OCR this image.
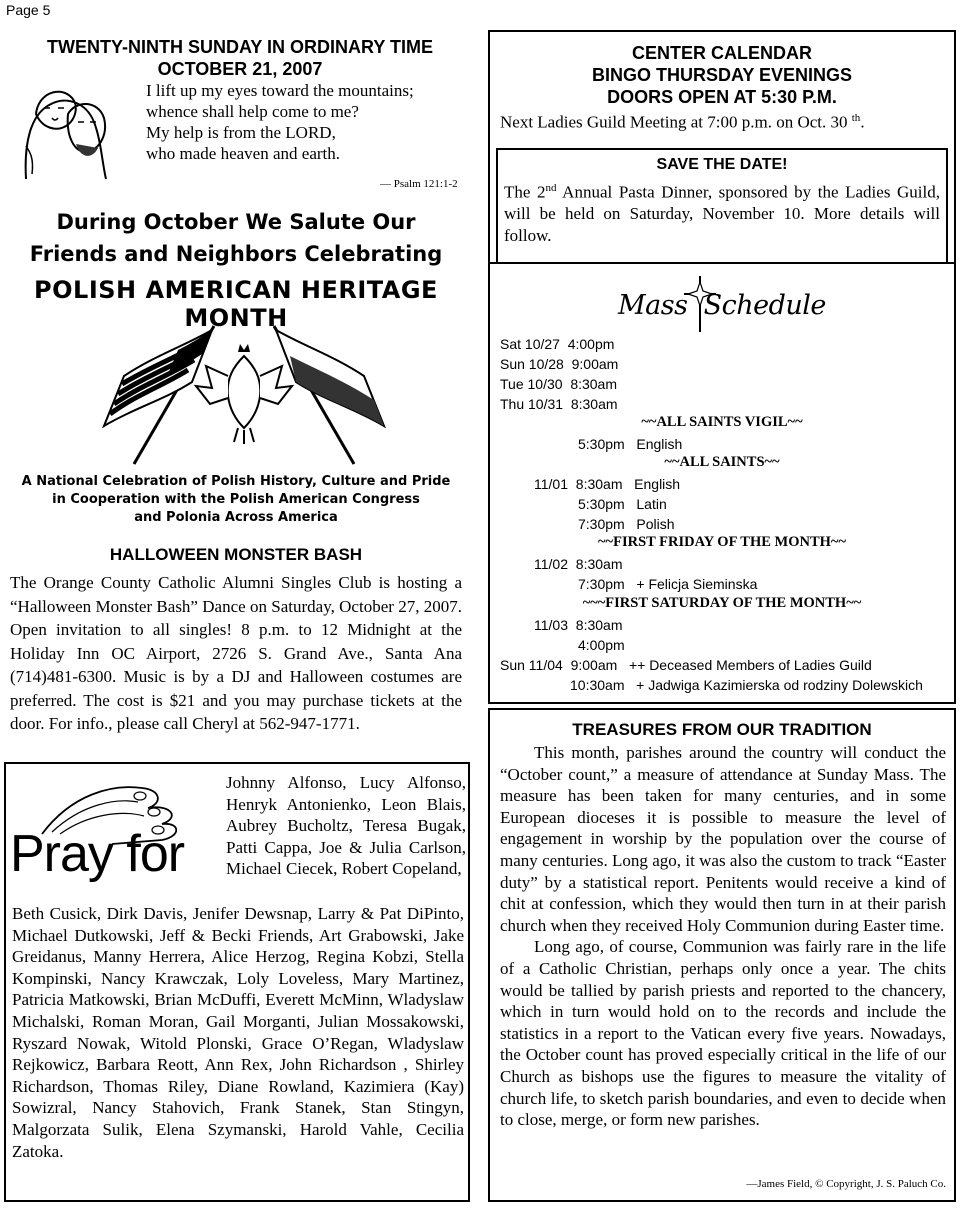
Page 5
TWENTY-NINTH SUNDAY IN ORDINARY TIME
OCTOBER 21, 2007
I lift up my eyes toward the mountains;
whence shall help come to me?
My help is from the LORD,
who made heaven and earth.
— Psalm 121:1-2
During October We Salute Our
Friends and Neighbors Celebrating
POLISH AMERICAN HERITAGE MONTH
A National Celebration of Polish History, Culture and Pride
in Cooperation with the Polish American Congress
and Polonia Across America
HALLOWEEN MONSTER BASH
The Orange County Catholic Alumni Singles Club is hosting a “Halloween Monster Bash” Dance on Saturday, October 27, 2007. Open invitation to all singles! 8 p.m. to 12 Midnight at the Holiday Inn OC Airport, 2726 S. Grand Ave., Santa Ana (714)481-6300. Music is by a DJ and Halloween costumes are preferred. The cost is $21 and you may purchase tickets at the door. For info., please call Cheryl at 562-947-1771.
Pray for
Johnny Alfonso, Lucy Alfonso, Henryk Antonienko, Leon Blais, Aubrey Bucholtz, Teresa Bugak, Patti Cappa, Joe & Julia Carlson, Michael Ciecek, Robert Copeland,
Beth Cusick, Dirk Davis, Jenifer Dewsnap, Larry & Pat DiPinto, Michael Dutkowski, Jeff & Becki Friends, Art Grabowski, Jake Greidanus, Manny Herrera, Alice Herzog, Regina Kobzi, Stella Kompinski, Nancy Krawczak, Loly Loveless, Mary Martinez, Patricia Matkowski, Brian McDuffi, Everett McMinn, Wladyslaw Michalski, Roman Moran, Gail Morganti, Julian Mossakowski, Ryszard Nowak, Witold Plonski, Grace O’Regan, Wladyslaw Rejkowicz, Barbara Reott, Ann Rex, John Richardson , Shirley Richardson, Thomas Riley, Diane Rowland, Kazimiera (Kay) Sowizral, Nancy Stahovich, Frank Stanek, Stan Stingyn, Malgorzata Sulik, Elena Szymanski, Harold Vahle, Cecilia Zatoka.
CENTER CALENDAR
BINGO THURSDAY EVENINGS
DOORS OPEN AT 5:30 P.M.
Next Ladies Guild Meeting at 7:00 p.m. on Oct. 30 $^{th}$.
SAVE THE DATE!
The 2nd Annual Pasta Dinner, sponsored by the Ladies Guild, will be held on Saturday, November 10. More details will follow.
Mass Schedule
Sat 10/27 4:00pm
Sun 10/28 9:00am
Tue 10/30 8:30am
Thu 10/31 8:30am
~~ALL SAINTS VIGIL~~
5:30pm English
~~ALL SAINTS~~
11/01 8:30am English
5:30pm Latin
7:30pm Polish
~~FIRST FRIDAY OF THE MONTH~~
11/02 8:30am
7:30pm + Felicja Sieminska
~~~FIRST SATURDAY OF THE MONTH~~
11/03 8:30am
4:00pm
Sun 11/04 9:00am ++ Deceased Members of Ladies Guild
10:30am + Jadwiga Kazimierska od rodziny Dolewskich
TREASURES FROM OUR TRADITION

This month, parishes around the country will conduct the “October count,” a measure of attendance at Sunday Mass. The measure has been taken for many centuries, and in some European dioceses it is possible to measure the level of engagement in worship by the population over the course of many centuries. Long ago, it was also the custom to track “Easter duty” by a statistical report. Penitents would receive a kind of chit at confession, which they would then turn in at their parish church when they received Holy Communion during Easter time.

Long ago, of course, Communion was fairly rare in the life of a Catholic Christian, perhaps only once a year. The chits would be tallied by parish priests and reported to the chancery, which in turn would hold on to the records and include the statistics in a report to the Vatican every five years. Nowadays, the October count has proved especially critical in the life of our Church as bishops use the figures to measure the vitality of church life, to sketch parish boundaries, and even to decide when to close, merge, or form new parishes.

—James Field, © Copyright, J. S. Paluch Co.
